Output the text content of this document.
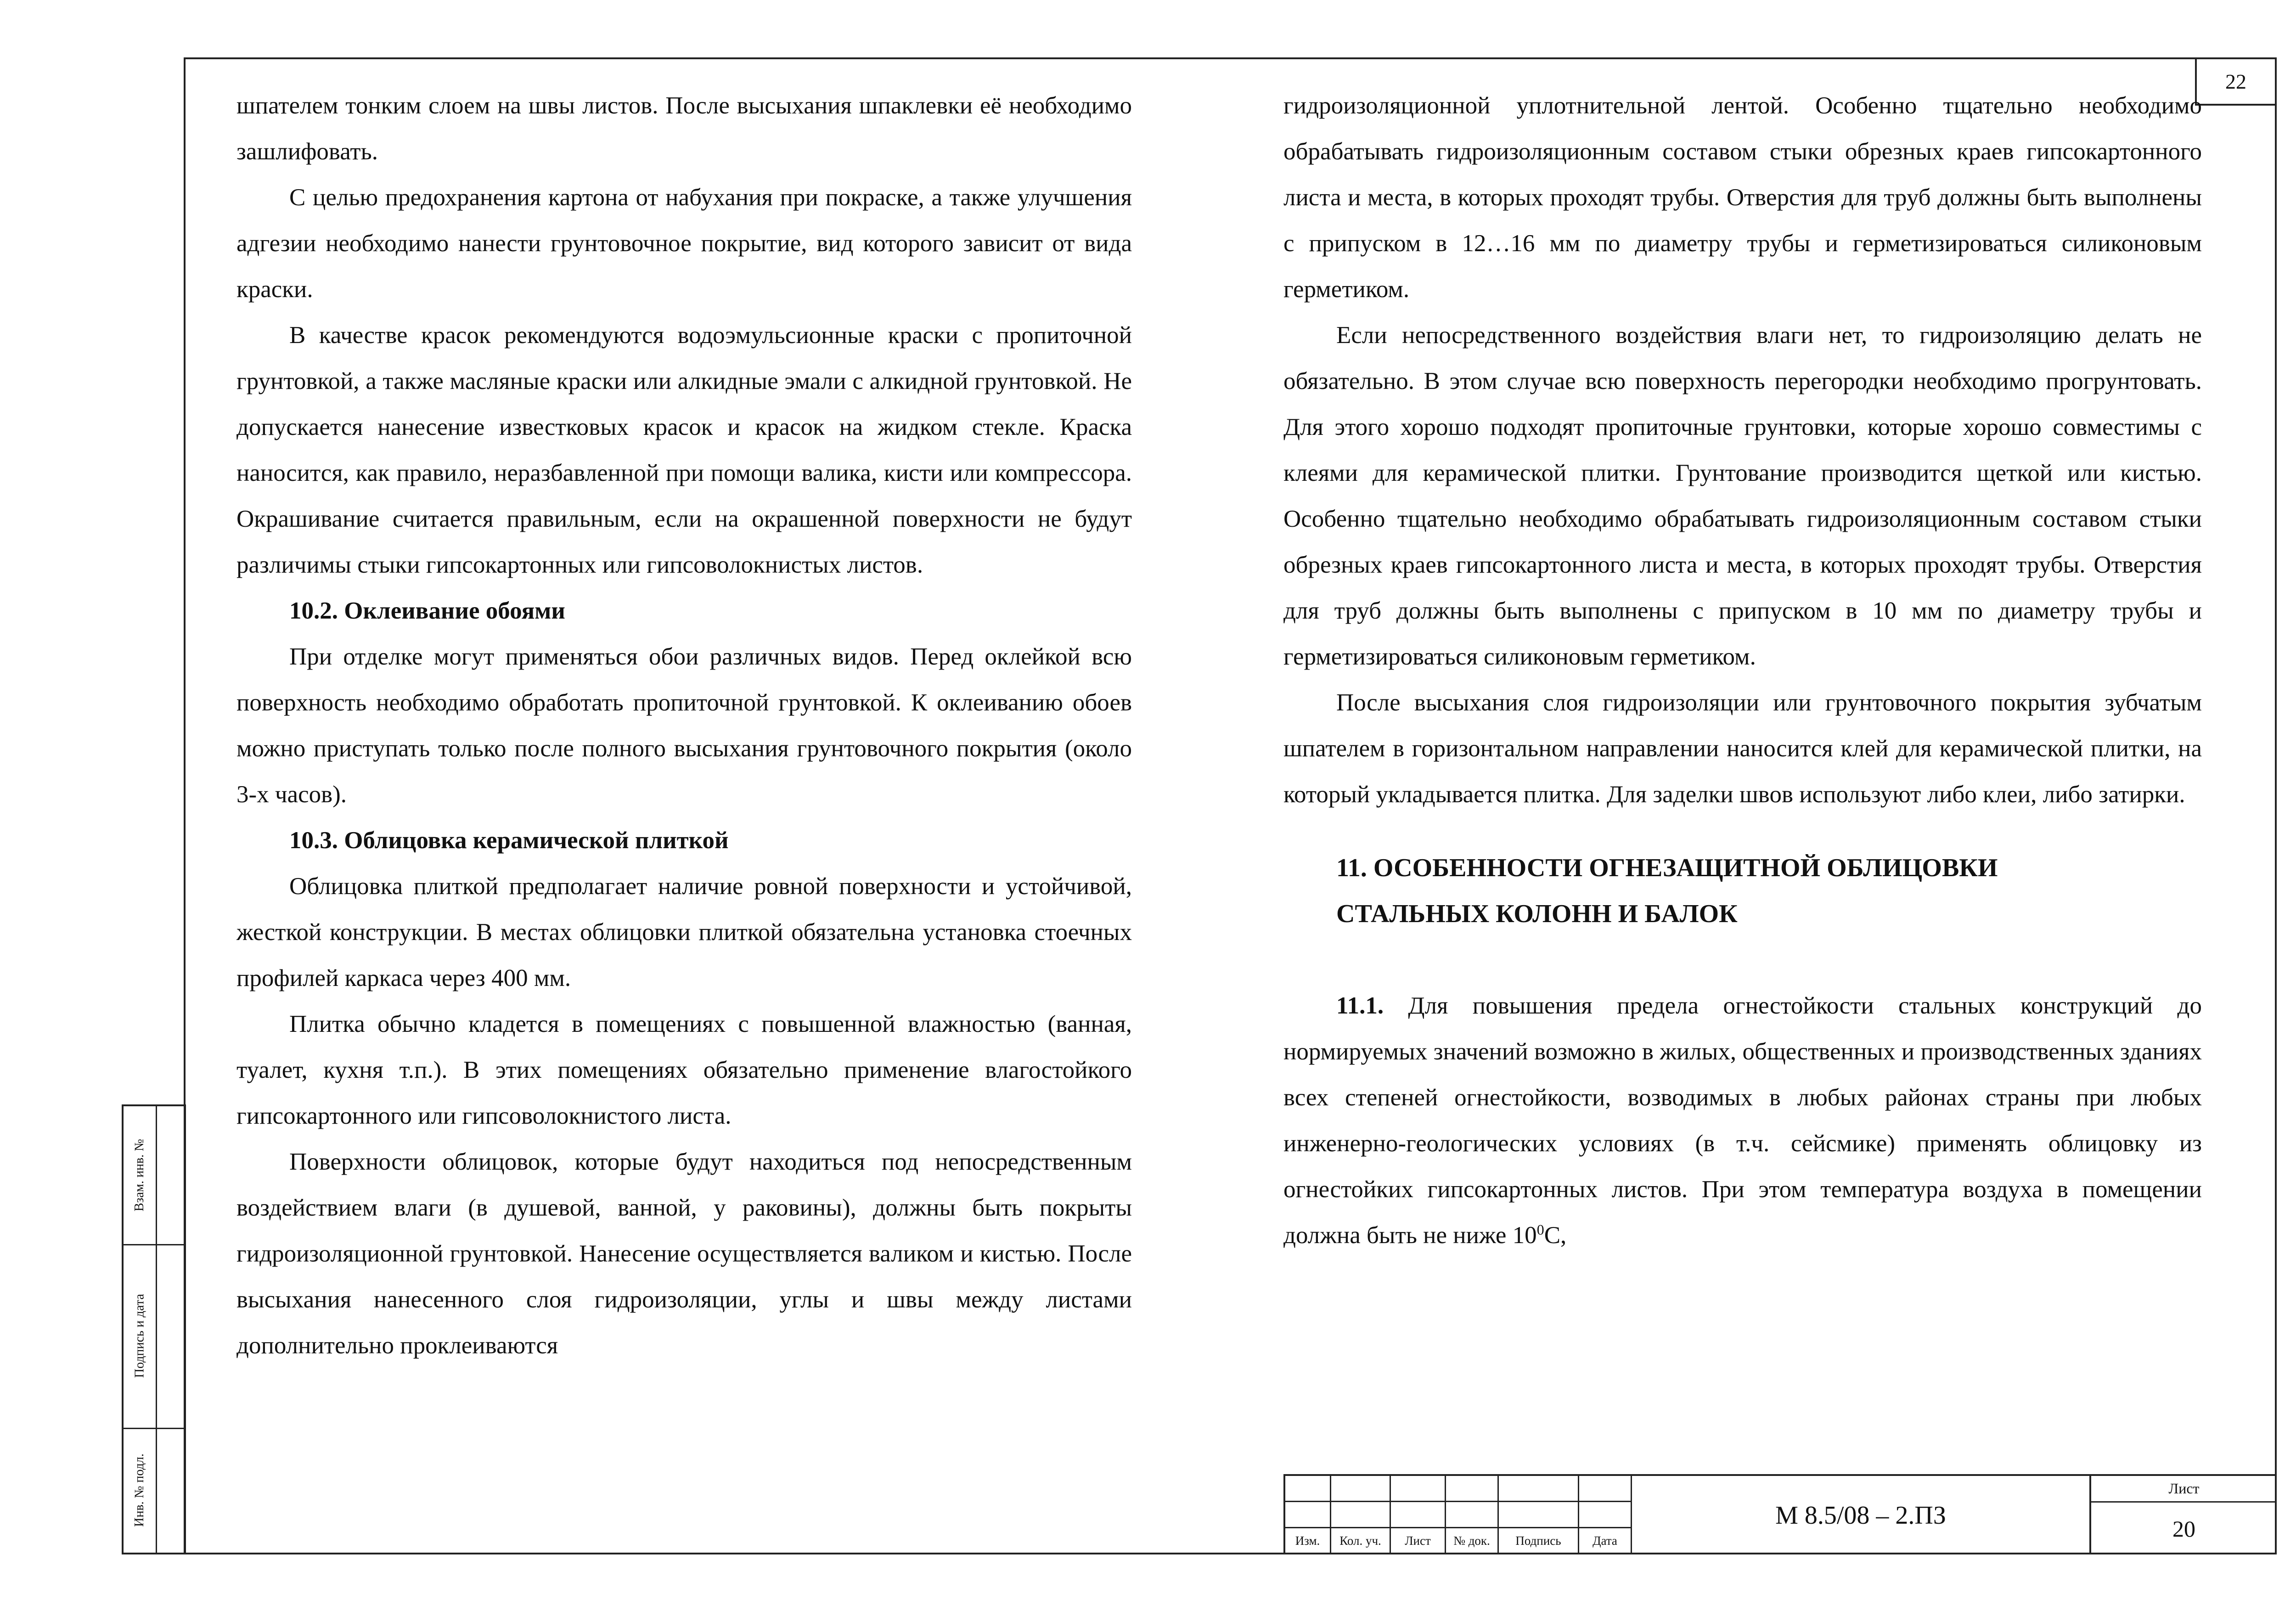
22

шпателем тонким слоем на швы листов. После высыхания шпаклевки её необходимо зашлифовать.

С целью предохранения картона от набухания при покраске, а также улучшения адгезии необходимо нанести грунтовочное покрытие, вид которого зависит от вида краски.

В качестве красок рекомендуются водоэмульсионные краски с пропиточной грунтовкой, а также масляные краски или алкидные эмали с алкидной грунтовкой. Не допускается нанесение известковых красок и красок на жидком стекле. Краска наносится, как правило, неразбавленной при помощи валика, кисти или компрессора. Окрашивание считается правильным, если на окрашенной поверхности не будут различимы стыки гипсокартонных или гипсоволокнистых листов.

10.2. Оклеивание обоями

При отделке могут применяться обои различных видов. Перед оклейкой всю поверхность необходимо обработать пропиточной грунтовкой. К оклеиванию обоев можно приступать только после полного высыхания грунтовочного покрытия (около 3-х часов).

10.3. Облицовка керамической плиткой

Облицовка плиткой предполагает наличие ровной поверхности и устойчивой, жесткой конструкции. В местах облицовки плиткой обязательна установка стоечных профилей каркаса через 400 мм.

Плитка обычно кладется в помещениях с повышенной влажностью (ванная, туалет, кухня т.п.). В этих помещениях обязательно применение влагостойкого гипсокартонного или гипсоволокнистого листа.

Поверхности облицовок, которые будут находиться под непосредственным воздействием влаги (в душевой, ванной, у раковины), должны быть покрыты гидроизоляционной грунтовкой. Нанесение осуществляется валиком и кистью. После высыхания нанесенного слоя гидроизоляции, углы и швы между листами дополнительно проклеиваются

гидроизоляционной уплотнительной лентой. Особенно тщательно необходимо обрабатывать гидроизоляционным составом стыки обрезных краев гипсокартонного листа и места, в которых проходят трубы. Отверстия для труб должны быть выполнены с припуском в 12…16 мм по диаметру трубы и герметизироваться силиконовым герметиком.

Если непосредственного воздействия влаги нет, то гидроизоляцию делать не обязательно. В этом случае всю поверхность перегородки необходимо прогрунтовать. Для этого хорошо подходят пропиточные грунтовки, которые хорошо совместимы с клеями для керамической плитки. Грунтование производится щеткой или кистью. Особенно тщательно необходимо обрабатывать гидроизоляционным составом стыки обрезных краев гипсокартонного листа и места, в которых проходят трубы. Отверстия для труб должны быть выполнены с припуском в 10 мм по диаметру трубы и герметизироваться силиконовым герметиком.

После высыхания слоя гидроизоляции или грунтовочного покрытия зубчатым шпателем в горизонтальном направлении наносится клей для керамической плитки, на который укладывается плитка. Для заделки швов используют либо клеи, либо затирки.

11. ОСОБЕННОСТИ ОГНЕЗАЩИТНОЙ ОБЛИЦОВКИ

СТАЛЬНЫХ КОЛОНН И БАЛОК

11.1. Для повышения предела огнестойкости стальных конструкций до нормируемых значений возможно в жилых, общественных и производственных зданиях всех степеней огнестойкости, возводимых в любых районах страны при любых инженерно-геологических условиях (в т.ч. сейсмике) применять облицовку из огнестойких гипсокартонных листов. При этом температура воздуха в помещении должна быть не ниже $10^0С$,

Взам. инв. №
Подпись и дата
Инв. № подл.
Изм.	Кол. уч.	Лист	№ док.	Подпись	Дата
М 8.5/08 – 2.ПЗ
Лист
20
